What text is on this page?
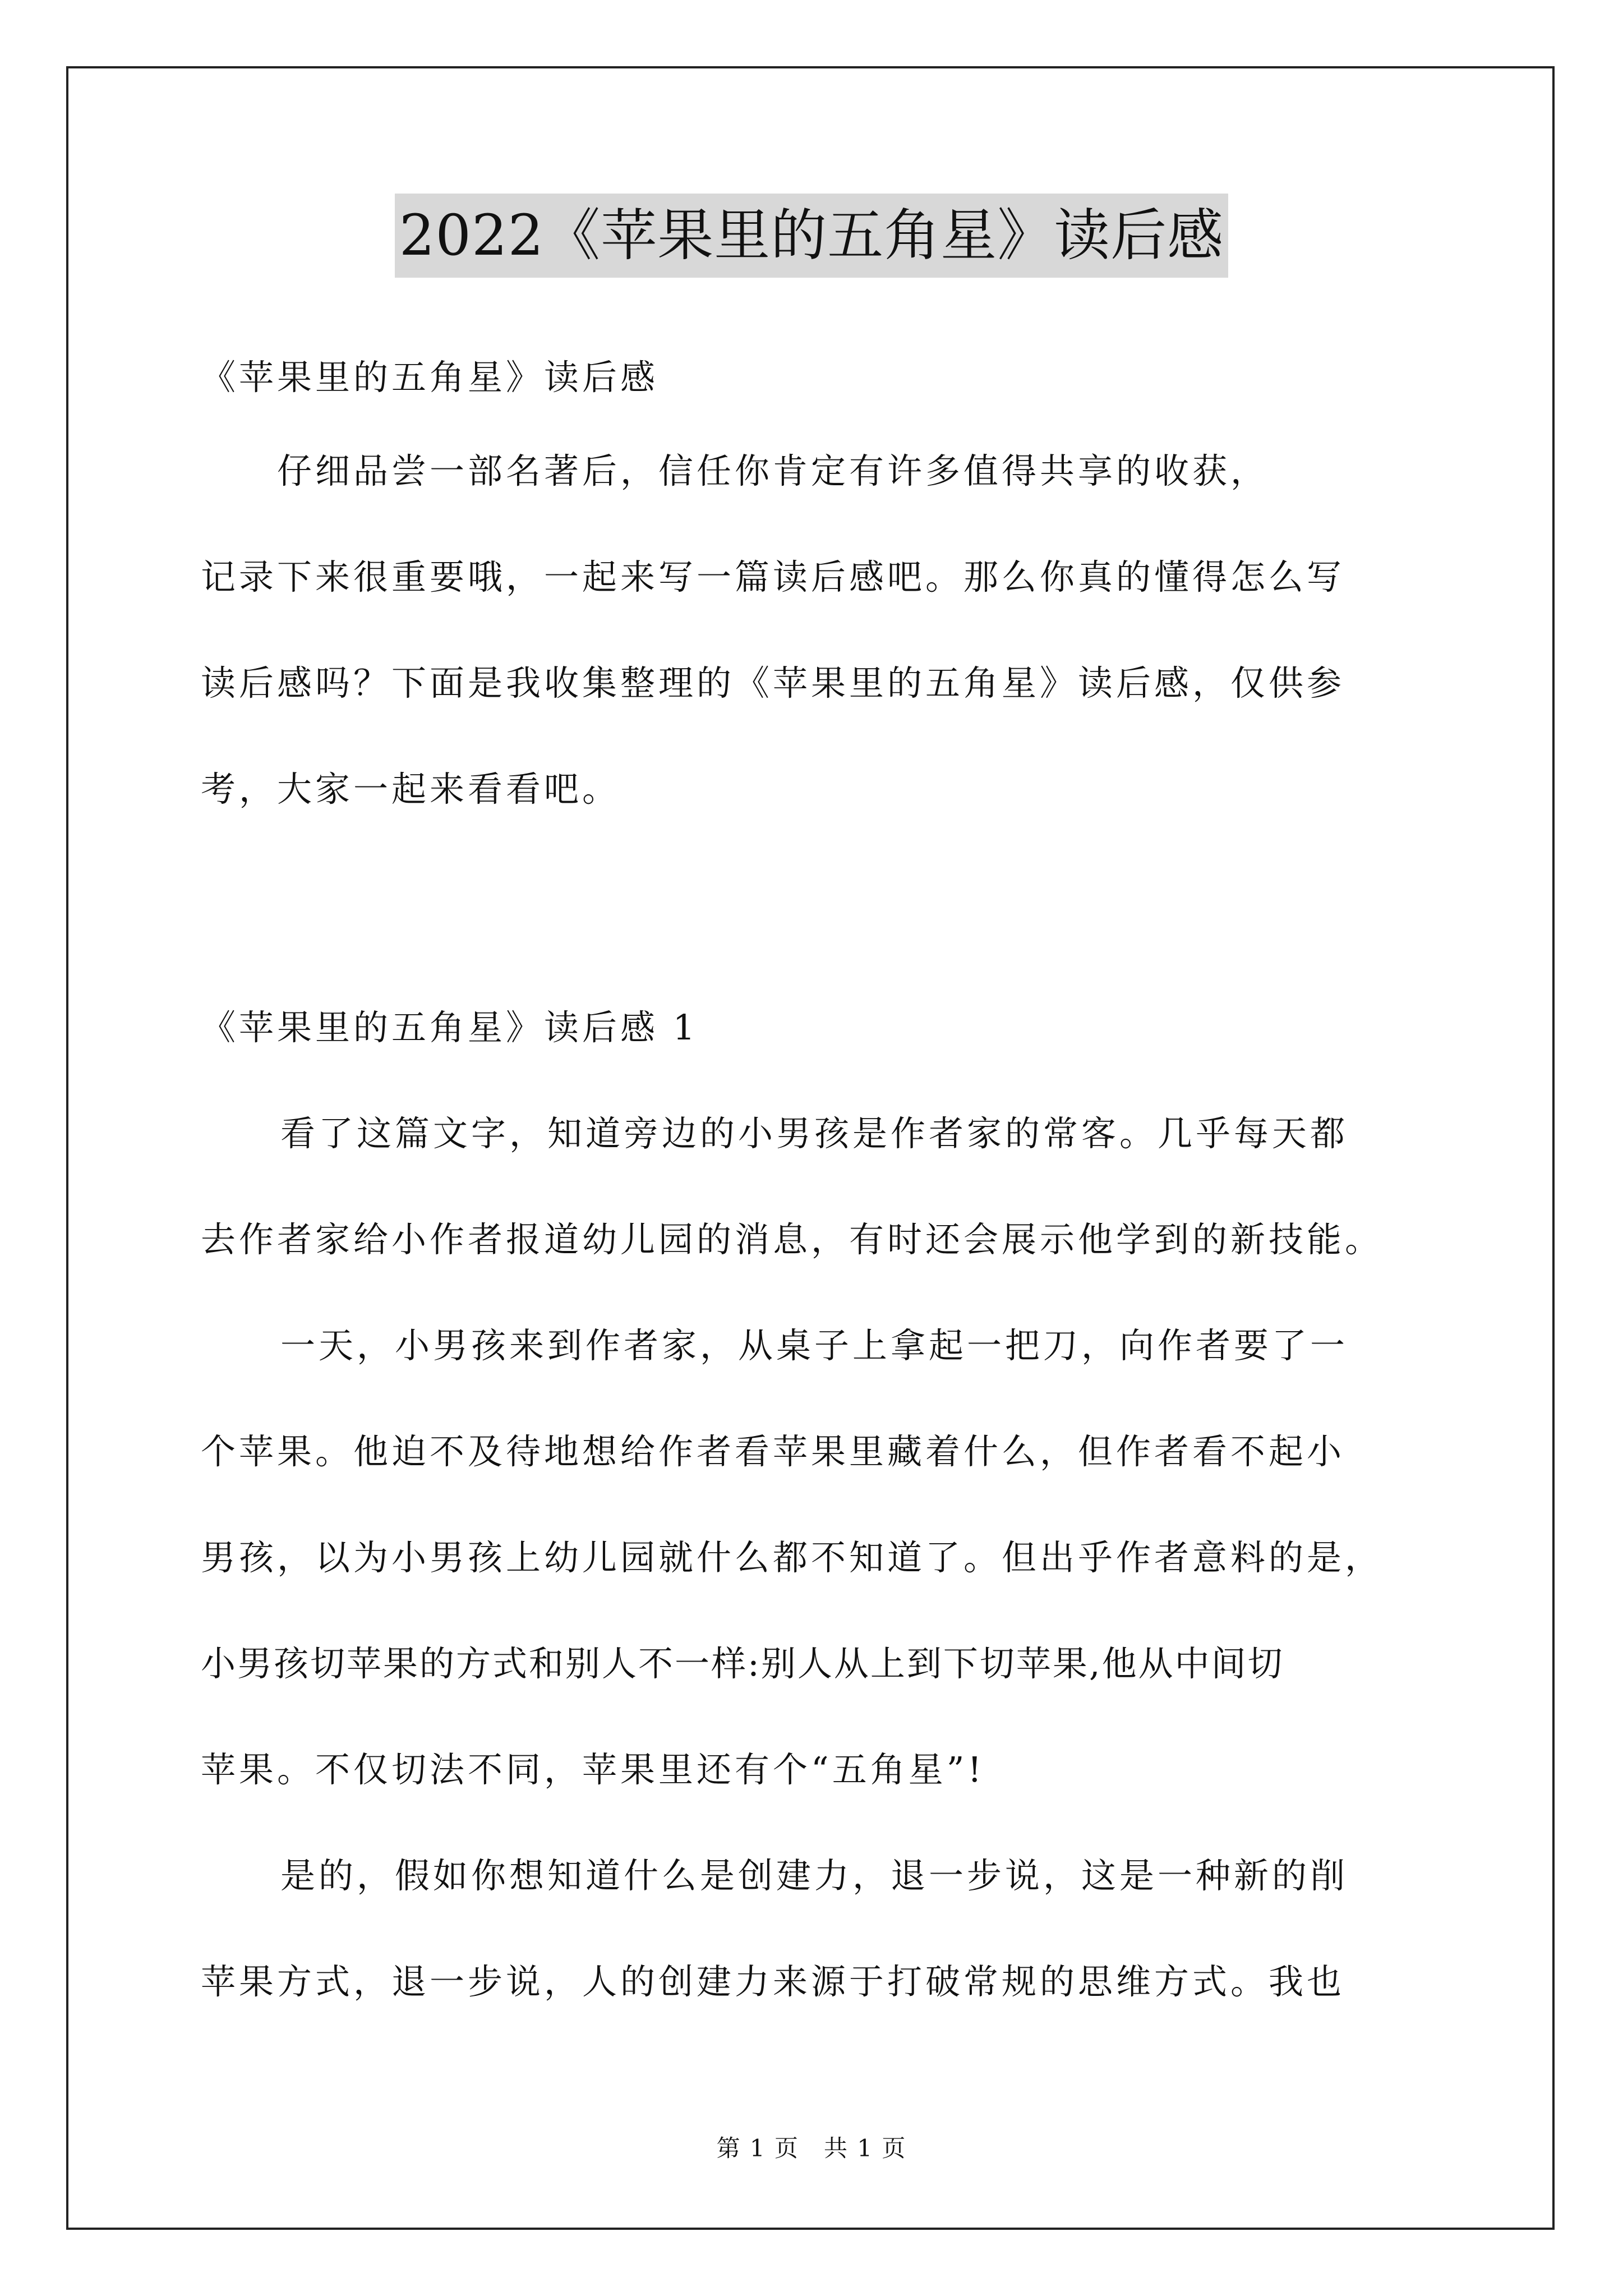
2022《苹果里的五角星》读后感

《苹果里的五角星》读后感

　　仔细品尝一部名著后，信任你肯定有许多值得共享的收获，

记录下来很重要哦，一起来写一篇读后感吧。那么你真的懂得怎么写

读后感吗？下面是我收集整理的《苹果里的五角星》读后感，仅供参

考，大家一起来看看吧。

《苹果里的五角星》读后感 1

看了这篇文字，知道旁边的小男孩是作者家的常客。几乎每天都

去作者家给小作者报道幼儿园的消息，有时还会展示他学到的新技能。

一天，小男孩来到作者家，从桌子上拿起一把刀，向作者要了一

个苹果。他迫不及待地想给作者看苹果里藏着什么，但作者看不起小

男孩，以为小男孩上幼儿园就什么都不知道了。但出乎作者意料的是，

小男孩切苹果的方式和别人不一样:别人从上到下切苹果,他从中间切

苹果。不仅切法不同，苹果里还有个“五角星”!

是的，假如你想知道什么是创建力，退一步说，这是一种新的削

苹果方式，退一步说，人的创建力来源于打破常规的思维方式。我也

第 1 页　共 1 页
